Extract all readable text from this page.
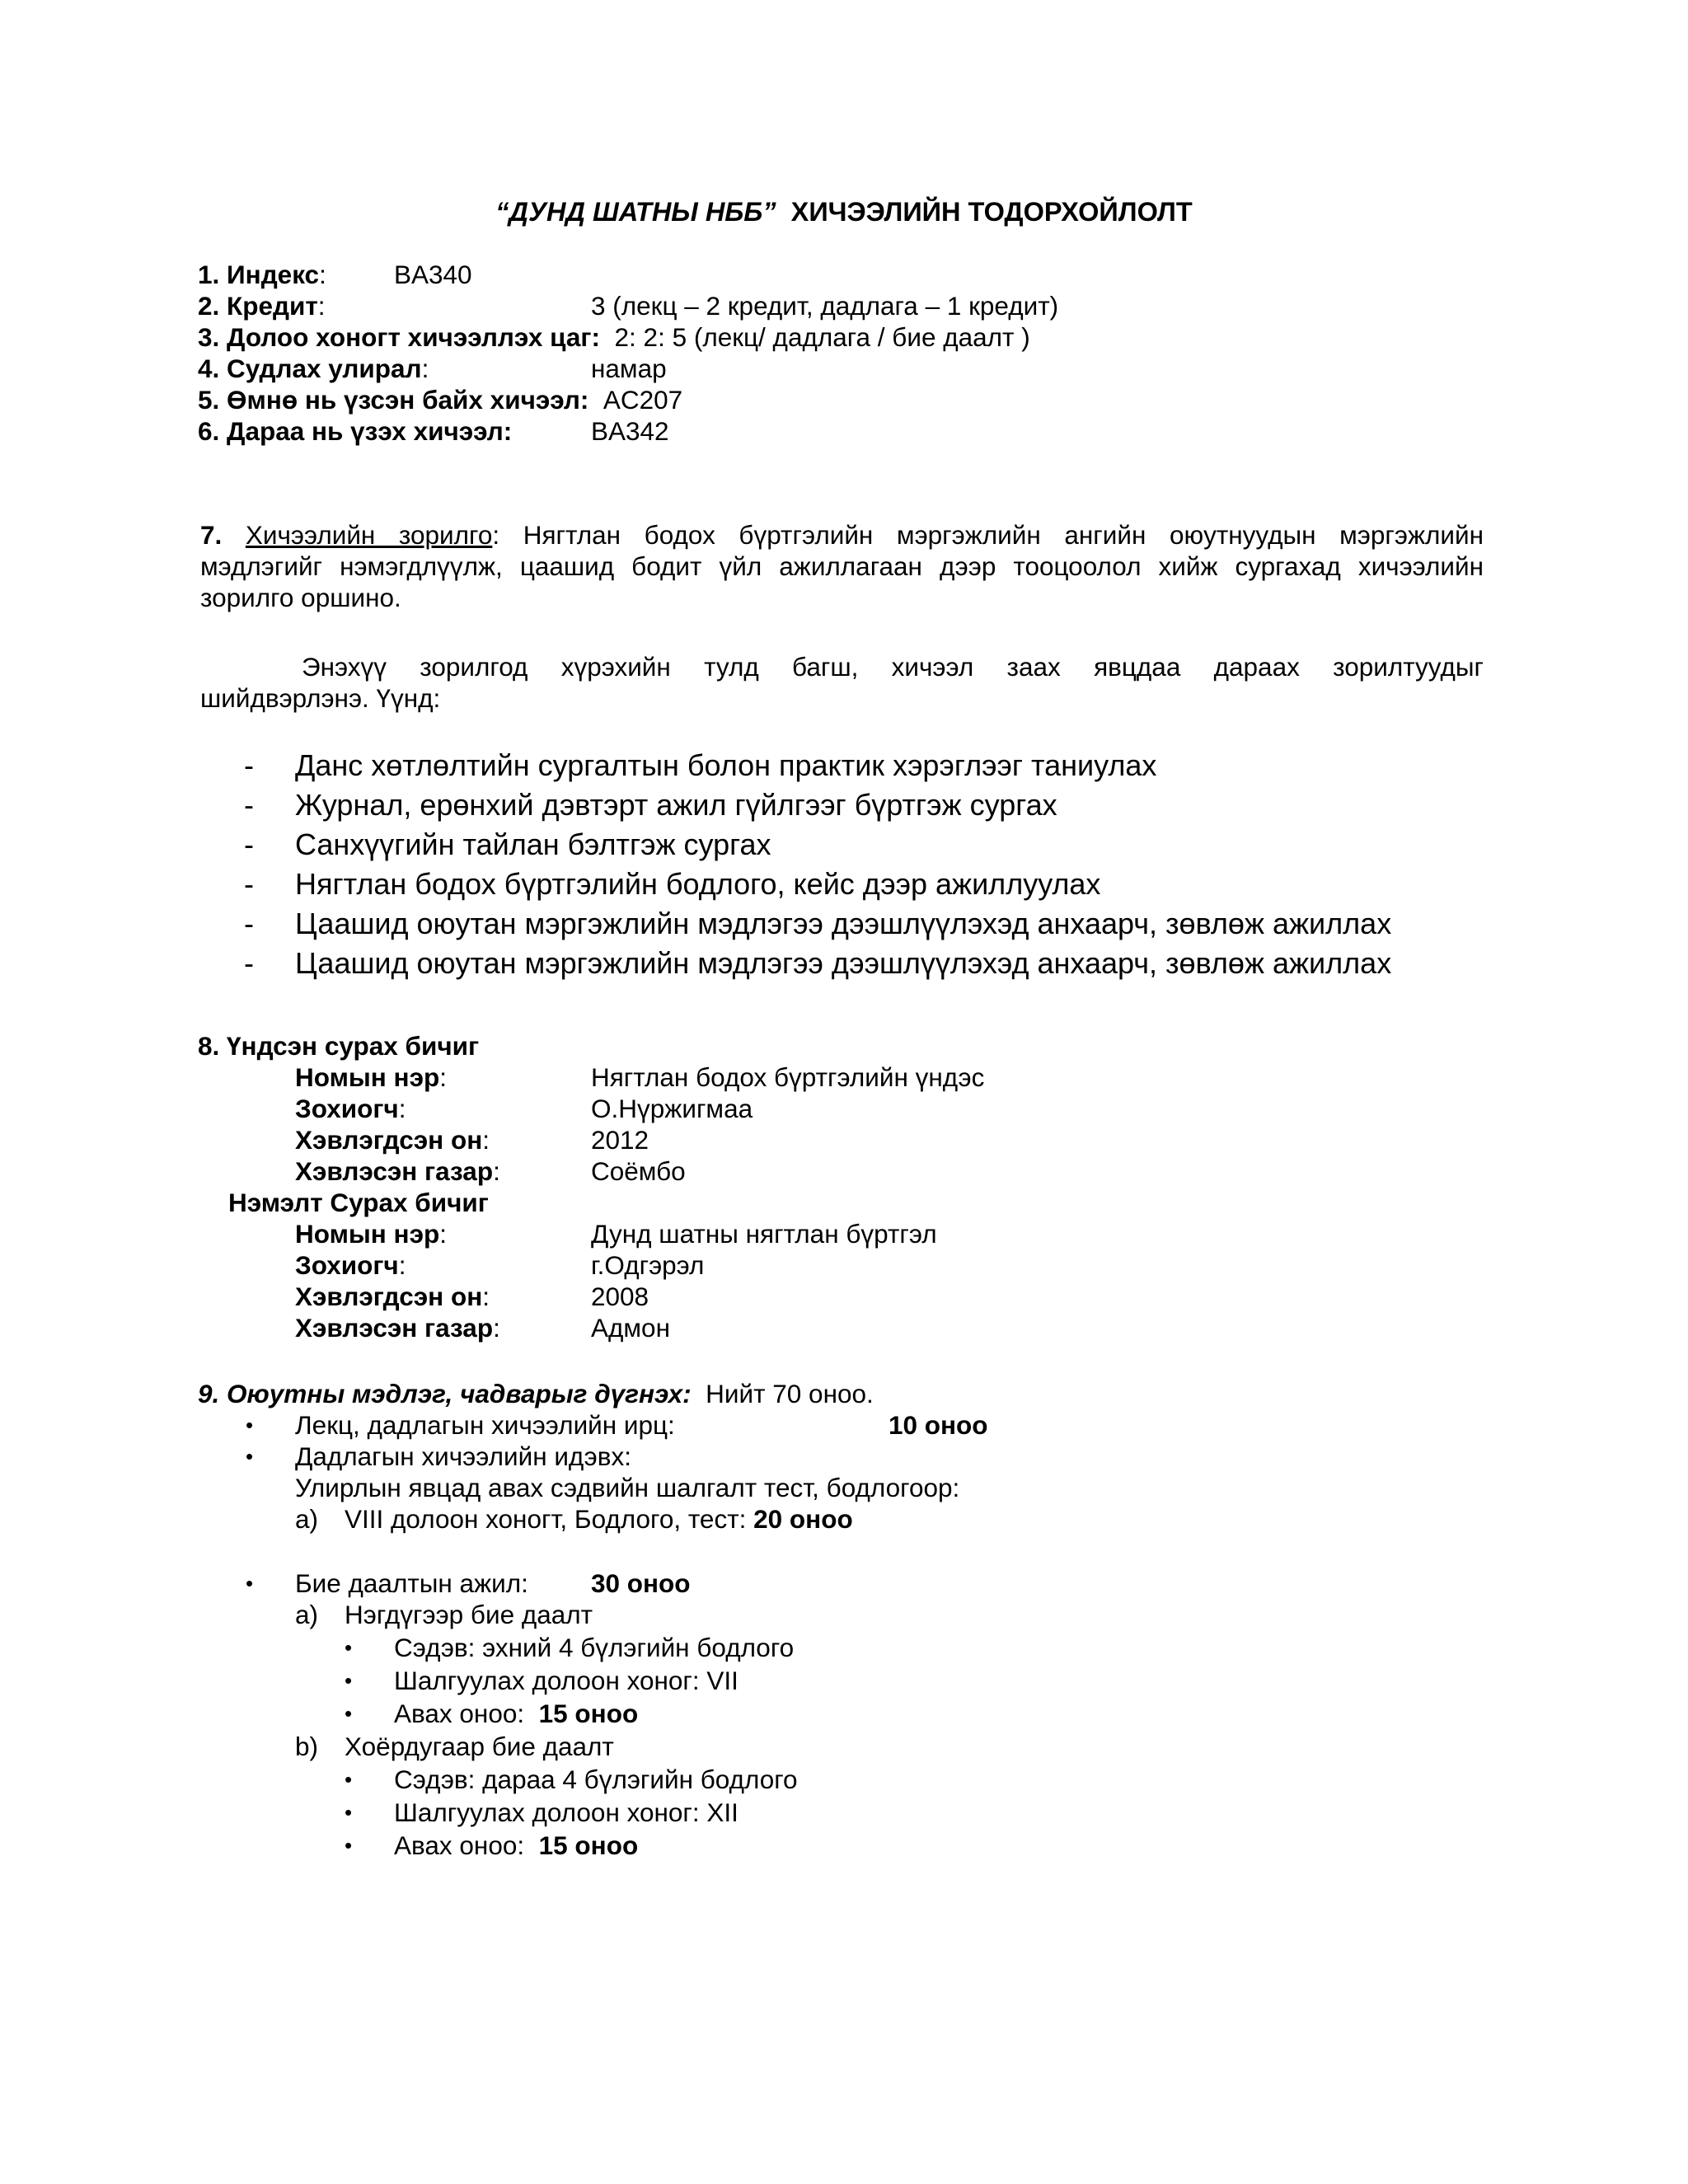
“ДУНД ШАТНЫ НББ” ХИЧЭЭЛИЙН ТОДОРХОЙЛОЛТ
1. Индекс:	BA340
2. Кредит:	3 (лекц – 2 кредит, дадлага – 1 кредит)
3. Долоо хоногт хичээллэх цаг: 2: 2: 5 (лекц/ дадлага / бие даалт )
4. Судлах улирал:	намар
5. Өмнө нь үзсэн байх хичээл: AC207
6. Дараа нь үзэх хичээл:	BA342
7. Хичээлийн зорилго: Нягтлан бодох бүртгэлийн мэргэжлийн ангийн оюутнуудын мэргэжлийн
мэдлэгийг нэмэгдлүүлж, цаашид бодит үйл ажиллагаан дээр тооцоолол хийж сургахад хичээлийн
зорилго оршино.
Энэхүү зорилгод хүрэхийн тулд багш, хичээл заах явцдаа дараах зорилтуудыг
шийдвэрлэнэ. Үүнд:
- Данс хөтлөлтийн сургалтын болон практик хэрэглээг таниулах
- Журнал, ерөнхий дэвтэрт ажил гүйлгээг бүртгэж сургах
- Санхүүгийн тайлан бэлтгэж сургах
- Нягтлан бодох бүртгэлийн бодлого, кейс дээр ажиллуулах
- Цаашид оюутан мэргэжлийн мэдлэгээ дээшлүүлэхэд анхаарч, зөвлөж ажиллах
- Цаашид оюутан мэргэжлийн мэдлэгээ дээшлүүлэхэд анхаарч, зөвлөж ажиллах
8. Үндсэн сурах бичиг
Номын нэр:	Нягтлан бодох бүртгэлийн үндэс
Зохиогч:	О.Нүржигмаа
Хэвлэгдсэн он:	2012
Хэвлэсэн газар:	Соёмбо
Нэмэлт Сурах бичиг
Номын нэр:	Дунд шатны нягтлан бүртгэл
Зохиогч:	г.Одгэрэл
Хэвлэгдсэн он:	2008
Хэвлэсэн газар:	Адмон
9. Оюутны мэдлэг, чадварыг дүгнэх: Нийт 70 оноо.
• Лекц, дадлагын хичээлийн ирц:	10 оноо
• Дадлагын хичээлийн идэвх:
Улирлын явцад авах сэдвийн шалгалт тест, бодлогоор:
a) VIII долоон хоногт, Бодлого, тест: 20 оноо
• Бие даалтын ажил: 30 оноо
a) Нэгдүгээр бие даалт
• Сэдэв: эхний 4 бүлэгийн бодлого
• Шалгуулах долоон хоног: VII
• Авах оноо: 15 оноо
b) Хоёрдугаар бие даалт
• Сэдэв: дараа 4 бүлэгийн бодлого
• Шалгуулах долоон хоног: XII
• Авах оноо: 15 оноо
